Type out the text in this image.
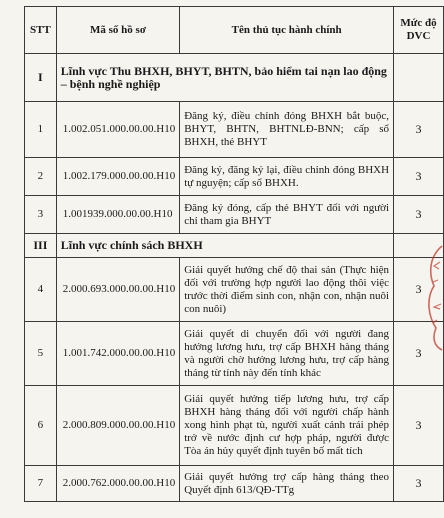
STT	Mã số hồ sơ	Tên thủ tục hành chính	Mức độ DVC
I	Lĩnh vực Thu BHXH, BHYT, BHTN, bảo hiểm tai nạn lao động – bệnh nghề nghiệp		
1	1.002.051.000.00.00.H10	Đăng ký, điều chỉnh đóng BHXH bắt buộc, BHYT, BHTN, BHTNLĐ-BNN; cấp sổ BHXH, thẻ BHYT	3
2	1.002.179.000.00.00.H10	Đăng ký, đăng ký lại, điều chỉnh đóng BHXH tự nguyện; cấp sổ BHXH.	3
3	1.001939.000.00.00.H10	Đăng ký đóng, cấp thẻ BHYT đối với người chỉ tham gia BHYT	3
III	Lĩnh vực chính sách BHXH		
4	2.000.693.000.00.00.H10	Giải quyết hưởng chế độ thai sản (Thực hiện đối với trường hợp người lao động thôi việc trước thời điểm sinh con, nhận con, nhận nuôi con nuôi)	3
5	1.001.742.000.00.00.H10	Giải quyết di chuyển đối với người đang hưởng lương hưu, trợ cấp BHXH hàng tháng và người chờ hưởng lương hưu, trợ cấp hàng tháng từ tỉnh này đến tỉnh khác	3
6	2.000.809.000.00.00.H10	Giải quyết hưởng tiếp lương hưu, trợ cấp BHXH hàng tháng đối với người chấp hành xong hình phạt tù, người xuất cảnh trái phép trở về nước định cư hợp pháp, người được Tòa án hủy quyết định tuyên bố mất tích	3
7	2.000.762.000.00.00.H10	Giải quyết hưởng trợ cấp hàng tháng theo Quyết định 613/QĐ-TTg	3
